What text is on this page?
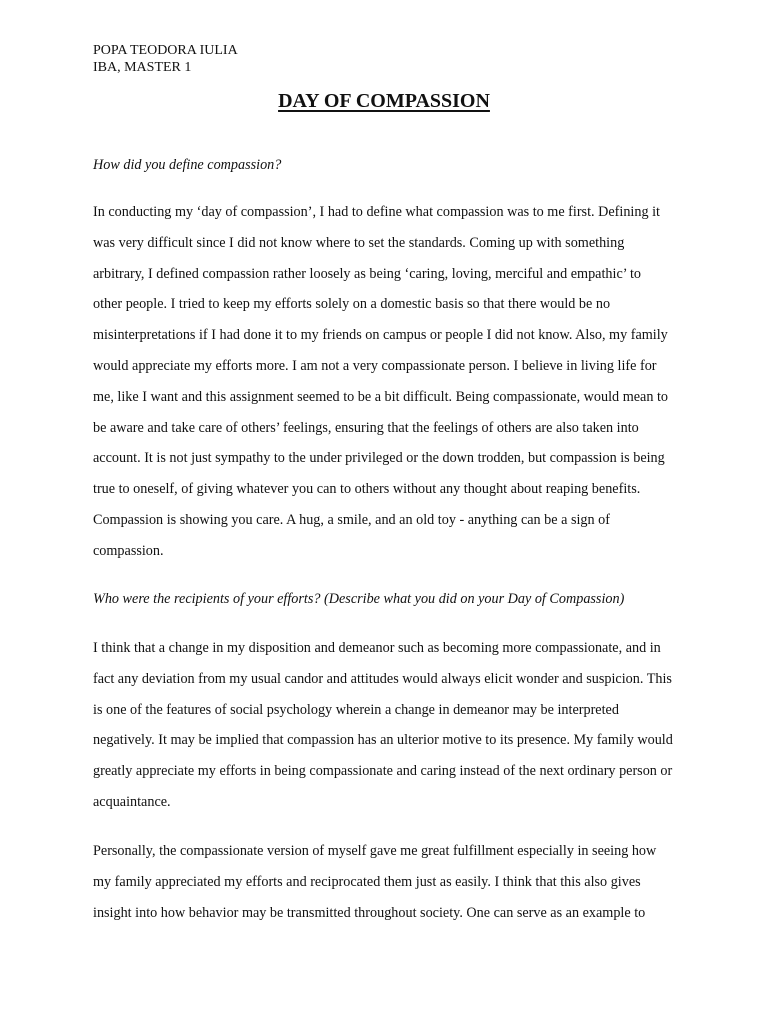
POPA TEODORA IULIA
IBA, MASTER 1
DAY OF COMPASSION

How did you define compassion?

In conducting my ‘day of compassion’, I had to define what compassion was to me first. Defining it
was very difficult since I did not know where to set the standards. Coming up with something
arbitrary, I defined compassion rather loosely as being ‘caring, loving, merciful and empathic’ to
other people. I tried to keep my efforts solely on a domestic basis so that there would be no
misinterpretations if I had done it to my friends on campus or people I did not know. Also, my family
would appreciate my efforts more. I am not a very compassionate person. I believe in living life for
me, like I want and this assignment seemed to be a bit difficult. Being compassionate, would mean to
be aware and take care of others’ feelings, ensuring that the feelings of others are also taken into
account. It is not just sympathy to the under privileged or the down trodden, but compassion is being
true to oneself, of giving whatever you can to others without any thought about reaping benefits.
Compassion is showing you care. A hug, a smile, and an old toy - anything can be a sign of
compassion.

Who were the recipients of your efforts? (Describe what you did on your Day of Compassion)

I think that a change in my disposition and demeanor such as becoming more compassionate, and in
fact any deviation from my usual candor and attitudes would always elicit wonder and suspicion. This
is one of the features of social psychology wherein a change in demeanor may be interpreted
negatively. It may be implied that compassion has an ulterior motive to its presence. My family would
greatly appreciate my efforts in being compassionate and caring instead of the next ordinary person or
acquaintance.

Personally, the compassionate version of myself gave me great fulfillment especially in seeing how
my family appreciated my efforts and reciprocated them just as easily. I think that this also gives
insight into how behavior may be transmitted throughout society. One can serve as an example to
